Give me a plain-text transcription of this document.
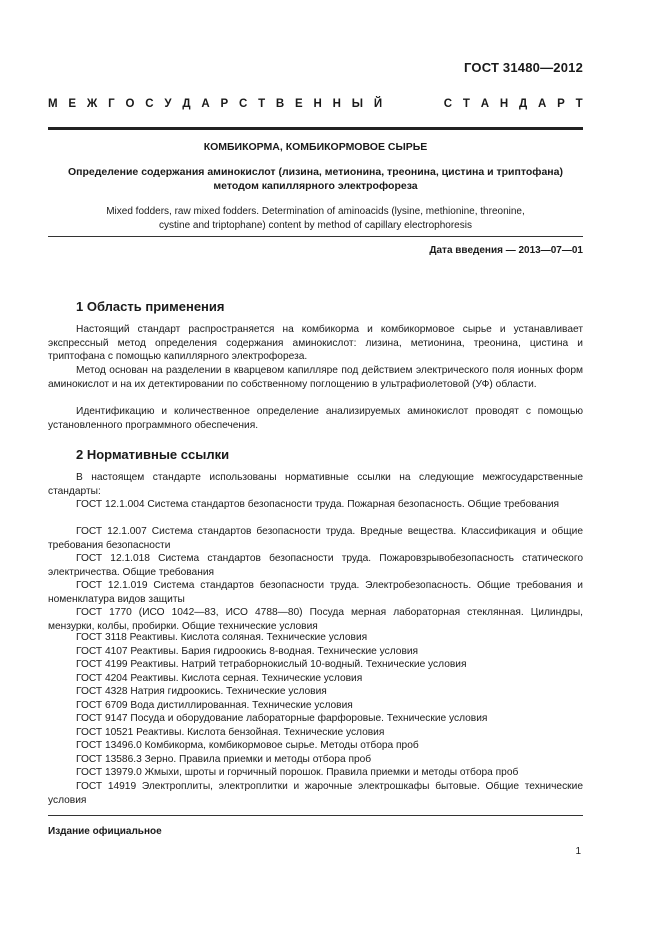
ГОСТ 31480—2012
М Е Ж Г О С У Д А Р С Т В Е Н Н Ы Й	С Т А Н Д А Р Т
КОМБИКОРМА, КОМБИКОРМОВОЕ СЫРЬЕ
Определение содержания аминокислот (лизина, метионина, треонина, цистина и триптофана)
методом капиллярного электрофореза
Mixed fodders, raw mixed fodders. Determination of aminoacids (lysine, methionine, threonine,
cystine and triptophane) content by method of capillary electrophoresis
Дата введения — 2013—07—01
1 Область применения
Настоящий стандарт распространяется на комбикорма и комбикормовое сырье и устанавливает экспрессный метод определения содержания аминокислот: лизина, метионина, треонина, цистина и триптофана с помощью капиллярного электрофореза.
Метод основан на разделении в кварцевом капилляре под действием электрического поля ионных форм аминокислот и на их детектировании по собственному поглощению в ультрафиолетовой (УФ) области.
Идентификацию и количественное определение анализируемых аминокислот проводят с помощью установленного программного обеспечения.
2 Нормативные ссылки
В настоящем стандарте использованы нормативные ссылки на следующие межгосударственные стандарты:
ГОСТ 12.1.004 Система стандартов безопасности труда. Пожарная безопасность. Общие требования
ГОСТ 12.1.007 Система стандартов безопасности труда. Вредные вещества. Классификация и общие требования безопасности
ГОСТ 12.1.018 Система стандартов безопасности труда. Пожаровзрывобезопасность статического электричества. Общие требования
ГОСТ 12.1.019 Система стандартов безопасности труда. Электробезопасность. Общие требования и номенклатура видов защиты
ГОСТ 1770 (ИСО 1042—83, ИСО 4788—80) Посуда мерная лабораторная стеклянная. Цилиндры, мензурки, колбы, пробирки. Общие технические условия
ГОСТ 3118 Реактивы. Кислота соляная. Технические условия
ГОСТ 4107 Реактивы. Бария гидроокись 8-водная. Технические условия
ГОСТ 4199 Реактивы. Натрий тетраборнокислый 10-водный. Технические условия
ГОСТ 4204 Реактивы. Кислота серная. Технические условия
ГОСТ 4328 Натрия гидроокись. Технические условия
ГОСТ 6709 Вода дистиллированная. Технические условия
ГОСТ 9147 Посуда и оборудование лабораторные фарфоровые. Технические условия
ГОСТ 10521 Реактивы. Кислота бензойная. Технические условия
ГОСТ 13496.0 Комбикорма, комбикормовое сырье. Методы отбора проб
ГОСТ 13586.3 Зерно. Правила приемки и методы отбора проб
ГОСТ 13979.0 Жмыхи, шроты и горчичный порошок. Правила приемки и методы отбора проб
ГОСТ 14919 Электроплиты, электроплитки и жарочные электрошкафы бытовые. Общие технические условия
Издание официальное
1
